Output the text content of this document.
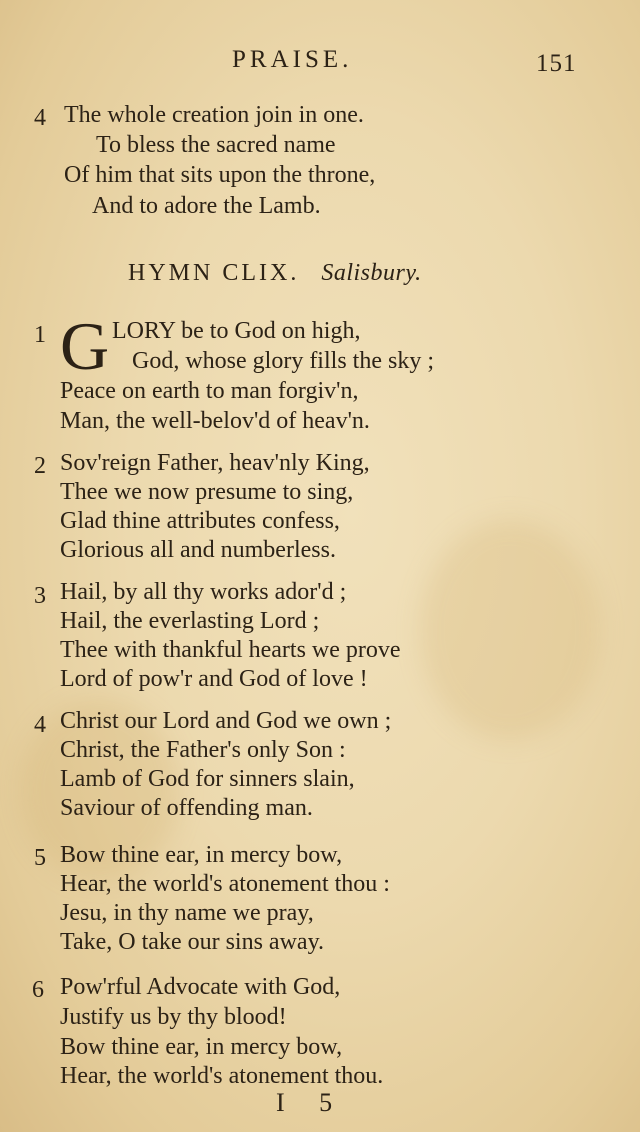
PRAISE.	151
4 The whole creation join in one.
To bless the sacred name
Of him that sits upon the throne,
And to adore the Lamb.
HYMN CLIX. Salisbury.
1 G LORY be to God on high,
God, whose glory fills the sky ;
Peace on earth to man forgiv'n,
Man, the well-belov'd of heav'n.
2 Sov'reign Father, heav'nly King,
Thee we now presume to sing,
Glad thine attributes confess,
Glorious all and numberless.
3 Hail, by all thy works ador'd ;
Hail, the everlasting Lord ;
Thee with thankful hearts we prove
Lord of pow'r and God of love !
4 Christ our Lord and God we own ;
Christ, the Father's only Son :
Lamb of God for sinners slain,
Saviour of offending man.
5 Bow thine ear, in mercy bow,
Hear, the world's atonement thou :
Jesu, in thy name we pray,
Take, O take our sins away.
6 Pow'rful Advocate with God,
Justify us by thy blood!
Bow thine ear, in mercy bow,
Hear, the world's atonement thou.
I 5
